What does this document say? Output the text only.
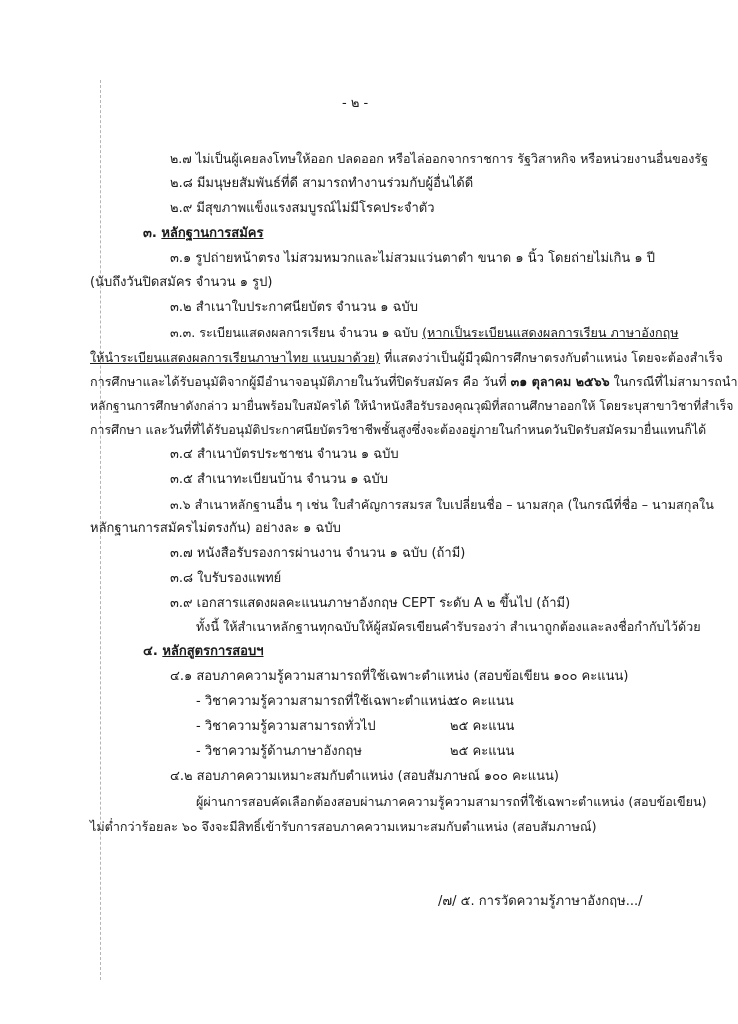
- ๒ -
๒.๗ ไม่เป็นผู้เคยลงโทษให้ออก ปลดออก หรือไล่ออกจากราชการ รัฐวิสาหกิจ หรือหน่วยงานอื่นของรัฐ
๒.๘ มีมนุษยสัมพันธ์ที่ดี สามารถทำงานร่วมกับผู้อื่นได้ดี
๒.๙ มีสุขภาพแข็งแรงสมบูรณ์ไม่มีโรคประจำตัว
๓. หลักฐานการสมัคร
๓.๑ รูปถ่ายหน้าตรง ไม่สวมหมวกและไม่สวมแว่นตาดำ ขนาด ๑ นิ้ว โดยถ่ายไม่เกิน ๑ ปี
(นับถึงวันปิดสมัคร จำนวน ๑ รูป)
๓.๒ สำเนาใบประกาศนียบัตร จำนวน ๑ ฉบับ
๓.๓. ระเบียนแสดงผลการเรียน จำนวน ๑ ฉบับ (หากเป็นระเบียนแสดงผลการเรียน ภาษาอังกฤษ
ให้นำระเบียนแสดงผลการเรียนภาษาไทย แนบมาด้วย) ที่แสดงว่าเป็นผู้มีวุฒิการศึกษาตรงกับตำแหน่ง โดยจะต้องสำเร็จ
การศึกษาและได้รับอนุมัติจากผู้มีอำนาจอนุมัติภายในวันที่ปิดรับสมัคร คือ วันที่ ๓๑ ตุลาคม ๒๕๖๖ ในกรณีที่ไม่สามารถนำ
หลักฐานการศึกษาดังกล่าว มายื่นพร้อมใบสมัครได้ ให้นำหนังสือรับรองคุณวุฒิที่สถานศึกษาออกให้ โดยระบุสาขาวิชาที่สำเร็จ
การศึกษา และวันที่ที่ได้รับอนุมัติประกาศนียบัตรวิชาชีพชั้นสูงซึ่งจะต้องอยู่ภายในกำหนดวันปิดรับสมัครมายื่นแทนก็ได้
๓.๔ สำเนาบัตรประชาชน จำนวน ๑ ฉบับ
๓.๕ สำเนาทะเบียนบ้าน จำนวน ๑ ฉบับ
๓.๖ สำเนาหลักฐานอื่น ๆ เช่น ใบสำคัญการสมรส ใบเปลี่ยนชื่อ – นามสกุล (ในกรณีที่ชื่อ – นามสกุลใน
หลักฐานการสมัครไม่ตรงกัน) อย่างละ ๑ ฉบับ
๓.๗ หนังสือรับรองการผ่านงาน จำนวน ๑ ฉบับ (ถ้ามี)
๓.๘ ใบรับรองแพทย์
๓.๙ เอกสารแสดงผลคะแนนภาษาอังกฤษ CEPT ระดับ A ๒ ขึ้นไป (ถ้ามี)
ทั้งนี้ ให้สำเนาหลักฐานทุกฉบับให้ผู้สมัครเขียนคำรับรองว่า สำเนาถูกต้องและลงชื่อกำกับไว้ด้วย
๔. หลักสูตรการสอบฯ
๔.๑ สอบภาคความรู้ความสามารถที่ใช้เฉพาะตำแหน่ง (สอบข้อเขียน ๑๐๐ คะแนน)
- วิชาความรู้ความสามารถที่ใช้เฉพาะตำแหน่ง
๕๐ คะแนน
- วิชาความรู้ความสามารถทั่วไป	๒๕ คะแนน
- วิชาความรู้ด้านภาษาอังกฤษ	๒๕ คะแนน
๔.๒ สอบภาคความเหมาะสมกับตำแหน่ง (สอบสัมภาษณ์ ๑๐๐ คะแนน)
ผู้ผ่านการสอบคัดเลือกต้องสอบผ่านภาคความรู้ความสามารถที่ใช้เฉพาะตำแหน่ง (สอบข้อเขียน)
ไม่ต่ำกว่าร้อยละ ๖๐ จึงจะมีสิทธิ์เข้ารับการสอบภาคความเหมาะสมกับตำแหน่ง (สอบสัมภาษณ์)
/๗/ ๕. การวัดความรู้ภาษาอังกฤษ.../
